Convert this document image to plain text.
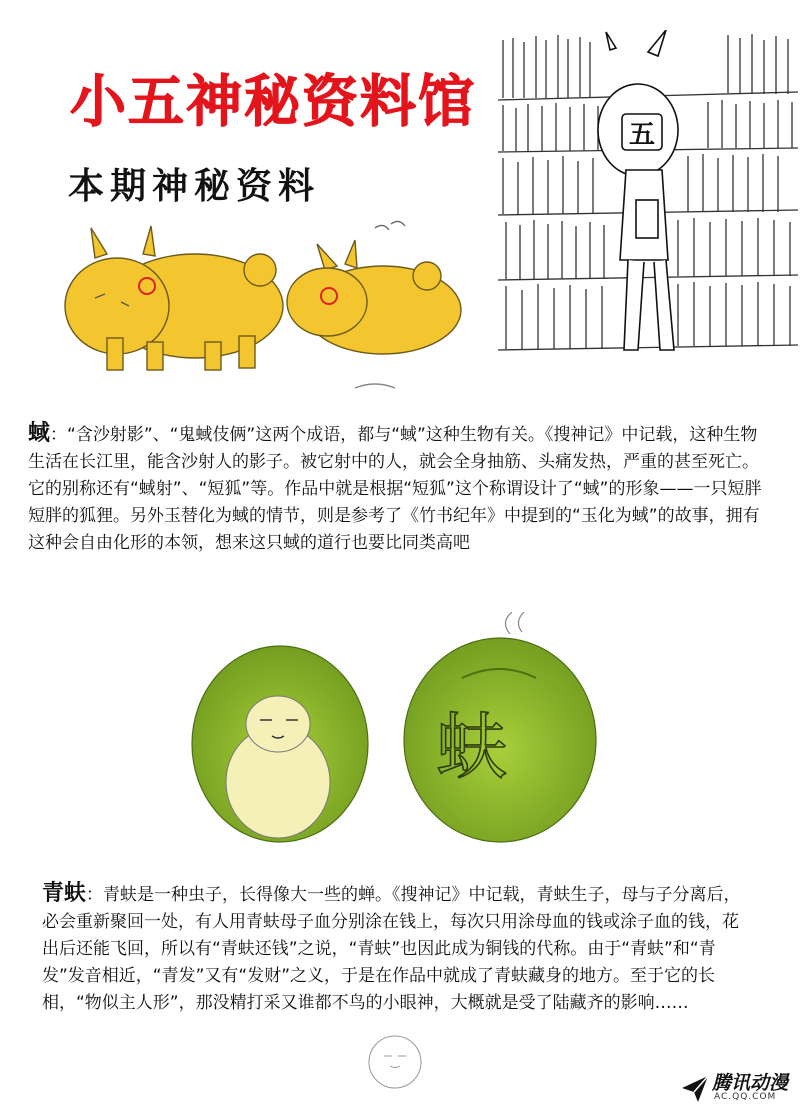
小五神秘资料馆
本期神秘资料
五
蜮：“含沙射影”、“鬼蜮伎俩”这两个成语，都与“蜮”这种生物有关。《搜神记》中记载，这种生物生活在长江里，能含沙射人的影子。被它射中的人，就会全身抽筋、头痛发热，严重的甚至死亡。它的别称还有“蜮射”、“短狐”等。作品中就是根据“短狐”这个称谓设计了“蜮”的形象——一只短胖短胖的狐狸。另外玉替化为蜮的情节，则是参考了《竹书纪年》中提到的“玉化为蜮”的故事，拥有这种会自由化形的本领，想来这只蜮的道行也要比同类高吧
蚨
青蚨：青蚨是一种虫子，长得像大一些的蝉。《搜神记》中记载，青蚨生子，母与子分离后，必会重新聚回一处，有人用青蚨母子血分别涂在钱上，每次只用涂母血的钱或涂子血的钱，花出后还能飞回，所以有“青蚨还钱”之说，“青蚨”也因此成为铜钱的代称。由于“青蚨”和“青发”发音相近，“青发”又有“发财”之义，于是在作品中就成了青蚨藏身的地方。至于它的长相，“物似主人形”，那没精打采又谁都不鸟的小眼神，大概就是受了陆藏齐的影响……
腾讯动漫
AC.QQ.COM
